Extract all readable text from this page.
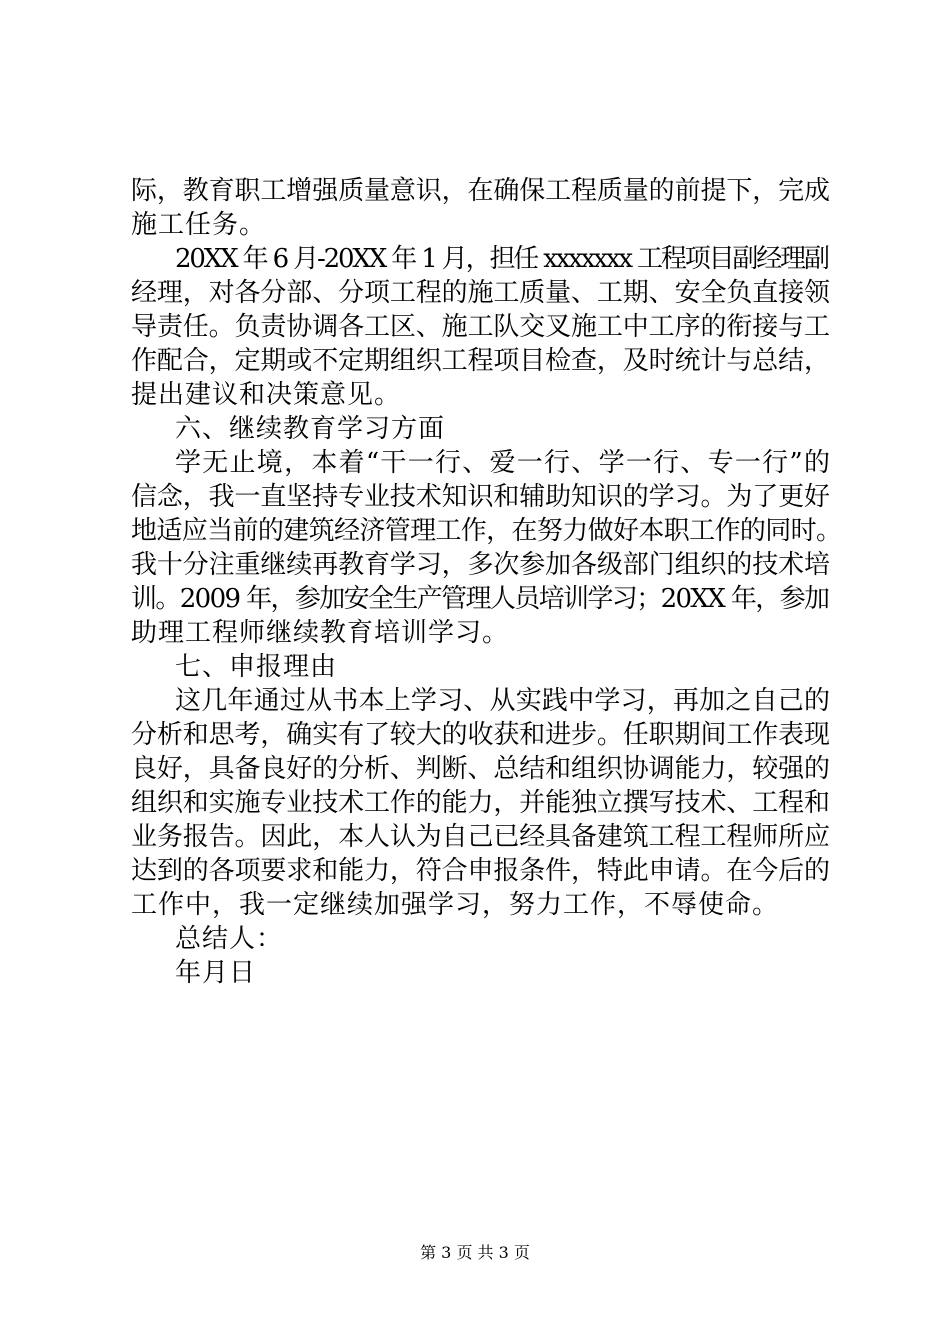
际，教育职工增强质量意识，在确保工程质量的前提下，完成
施工任务。
20XX 年 6 月-20XX 年 1 月，担任 xxxxxxx 工程项目副经理副
经理，对各分部、分项工程的施工质量、工期、安全负直接领
导责任。负责协调各工区、施工队交叉施工中工序的衔接与工
作配合，定期或不定期组织工程项目检查，及时统计与总结，
提出建议和决策意见。
六、继续教育学习方面
学无止境，本着“干一行、爱一行、学一行、专一行”的
信念，我一直坚持专业技术知识和辅助知识的学习。为了更好
地适应当前的建筑经济管理工作，在努力做好本职工作的同时。
我十分注重继续再教育学习，多次参加各级部门组织的技术培
训。2009 年，参加安全生产管理人员培训学习；20XX 年，参加
助理工程师继续教育培训学习。
七、申报理由
这几年通过从书本上学习、从实践中学习，再加之自己的
分析和思考，确实有了较大的收获和进步。任职期间工作表现
良好，具备良好的分析、判断、总结和组织协调能力，较强的
组织和实施专业技术工作的能力，并能独立撰写技术、工程和
业务报告。因此，本人认为自己已经具备建筑工程工程师所应
达到的各项要求和能力，符合申报条件，特此申请。在今后的
工作中，我一定继续加强学习，努力工作，不辱使命。
总结人：
年月日
第 3 页 共 3 页
